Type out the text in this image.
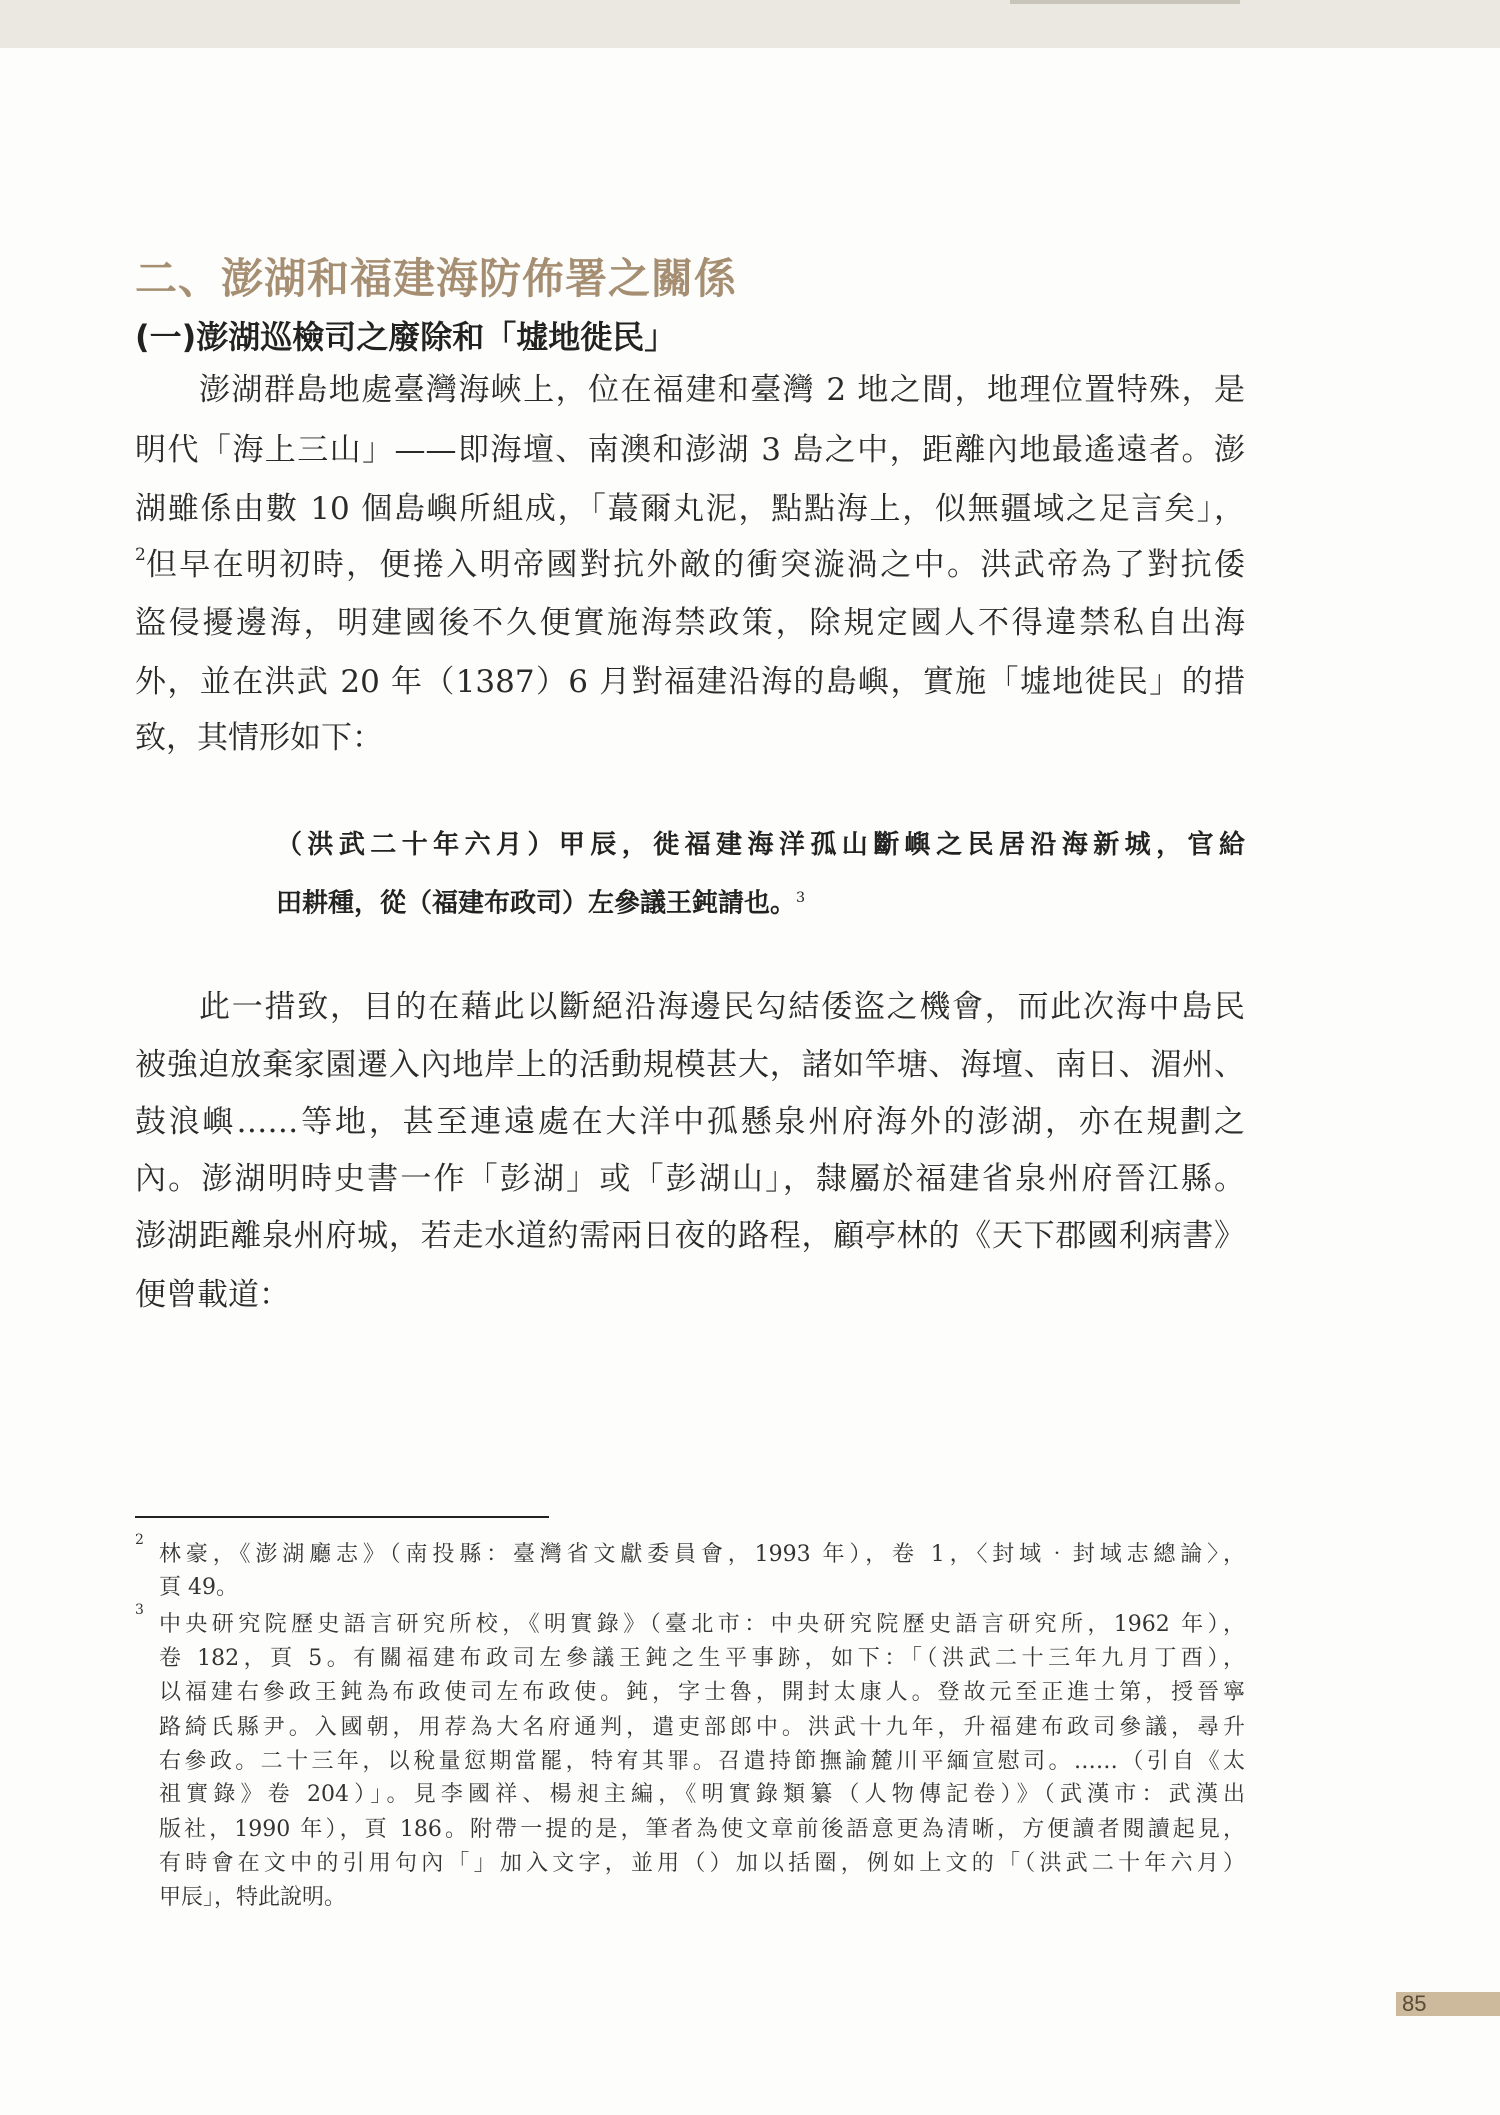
二、澎湖和福建海防佈署之關係
(一)澎湖巡檢司之廢除和「墟地徙民」
澎湖群島地處臺灣海峽上，位在福建和臺灣 2 地之間，地理位置特殊，是
明代「海上三山」——即海壇、南澳和澎湖 3 島之中，距離內地最遙遠者。澎
湖雖係由數 10 個島嶼所組成，「蕞爾丸泥，點點海上，似無疆域之足言矣」，
2 但早在明初時，便捲入明帝國對抗外敵的衝突漩渦之中。洪武帝為了對抗倭
盜侵擾邊海，明建國後不久便實施海禁政策，除規定國人不得違禁私自出海
外，並在洪武 20 年（1387）6 月對福建沿海的島嶼，實施「墟地徙民」的措
致，其情形如下：
（洪武二十年六月）甲辰，徙福建海洋孤山斷嶼之民居沿海新城，官給
田耕種，從（福建布政司）左參議王鈍請也。$^3$
此一措致，目的在藉此以斷絕沿海邊民勾結倭盜之機會，而此次海中島民
被強迫放棄家園遷入內地岸上的活動規模甚大，諸如竿塘、海壇、南日、湄州、
鼓浪嶼……等地，甚至連遠處在大洋中孤懸泉州府海外的澎湖，亦在規劃之
內。澎湖明時史書一作「彭湖」或「彭湖山」，隸屬於福建省泉州府晉江縣。
澎湖距離泉州府城，若走水道約需兩日夜的路程，顧亭林的《天下郡國利病書》
便曾載道：
2
林豪，《澎湖廳志》（南投縣：臺灣省文獻委員會，1993 年），卷 1，〈封域‧封域志總論〉，
頁 49。
3
中央研究院歷史語言研究所校，《明實錄》（臺北市：中央研究院歷史語言研究所，1962 年），
卷 182，頁 5。有關福建布政司左參議王鈍之生平事跡，如下：「（洪武二十三年九月丁酉），
以福建右參政王鈍為布政使司左布政使。鈍，字士魯，開封太康人。登故元至正進士第，授晉寧
路綺氏縣尹。入國朝，用荐為大名府通判，遣吏部郎中。洪武十九年，升福建布政司參議，尋升
右參政。二十三年，以稅量愆期當罷，特宥其罪。召遣持節撫諭麓川平緬宣慰司。……（引自《太
祖實錄》卷 204）」。見李國祥、楊昶主編，《明實錄類纂（人物傳記卷）》（武漢市：武漢出
版社，1990 年），頁 186。附帶一提的是，筆者為使文章前後語意更為清晰，方便讀者閱讀起見，
有時會在文中的引用句內「」加入文字，並用（）加以括圈，例如上文的「（洪武二十年六月）
甲辰」，特此說明。
85
